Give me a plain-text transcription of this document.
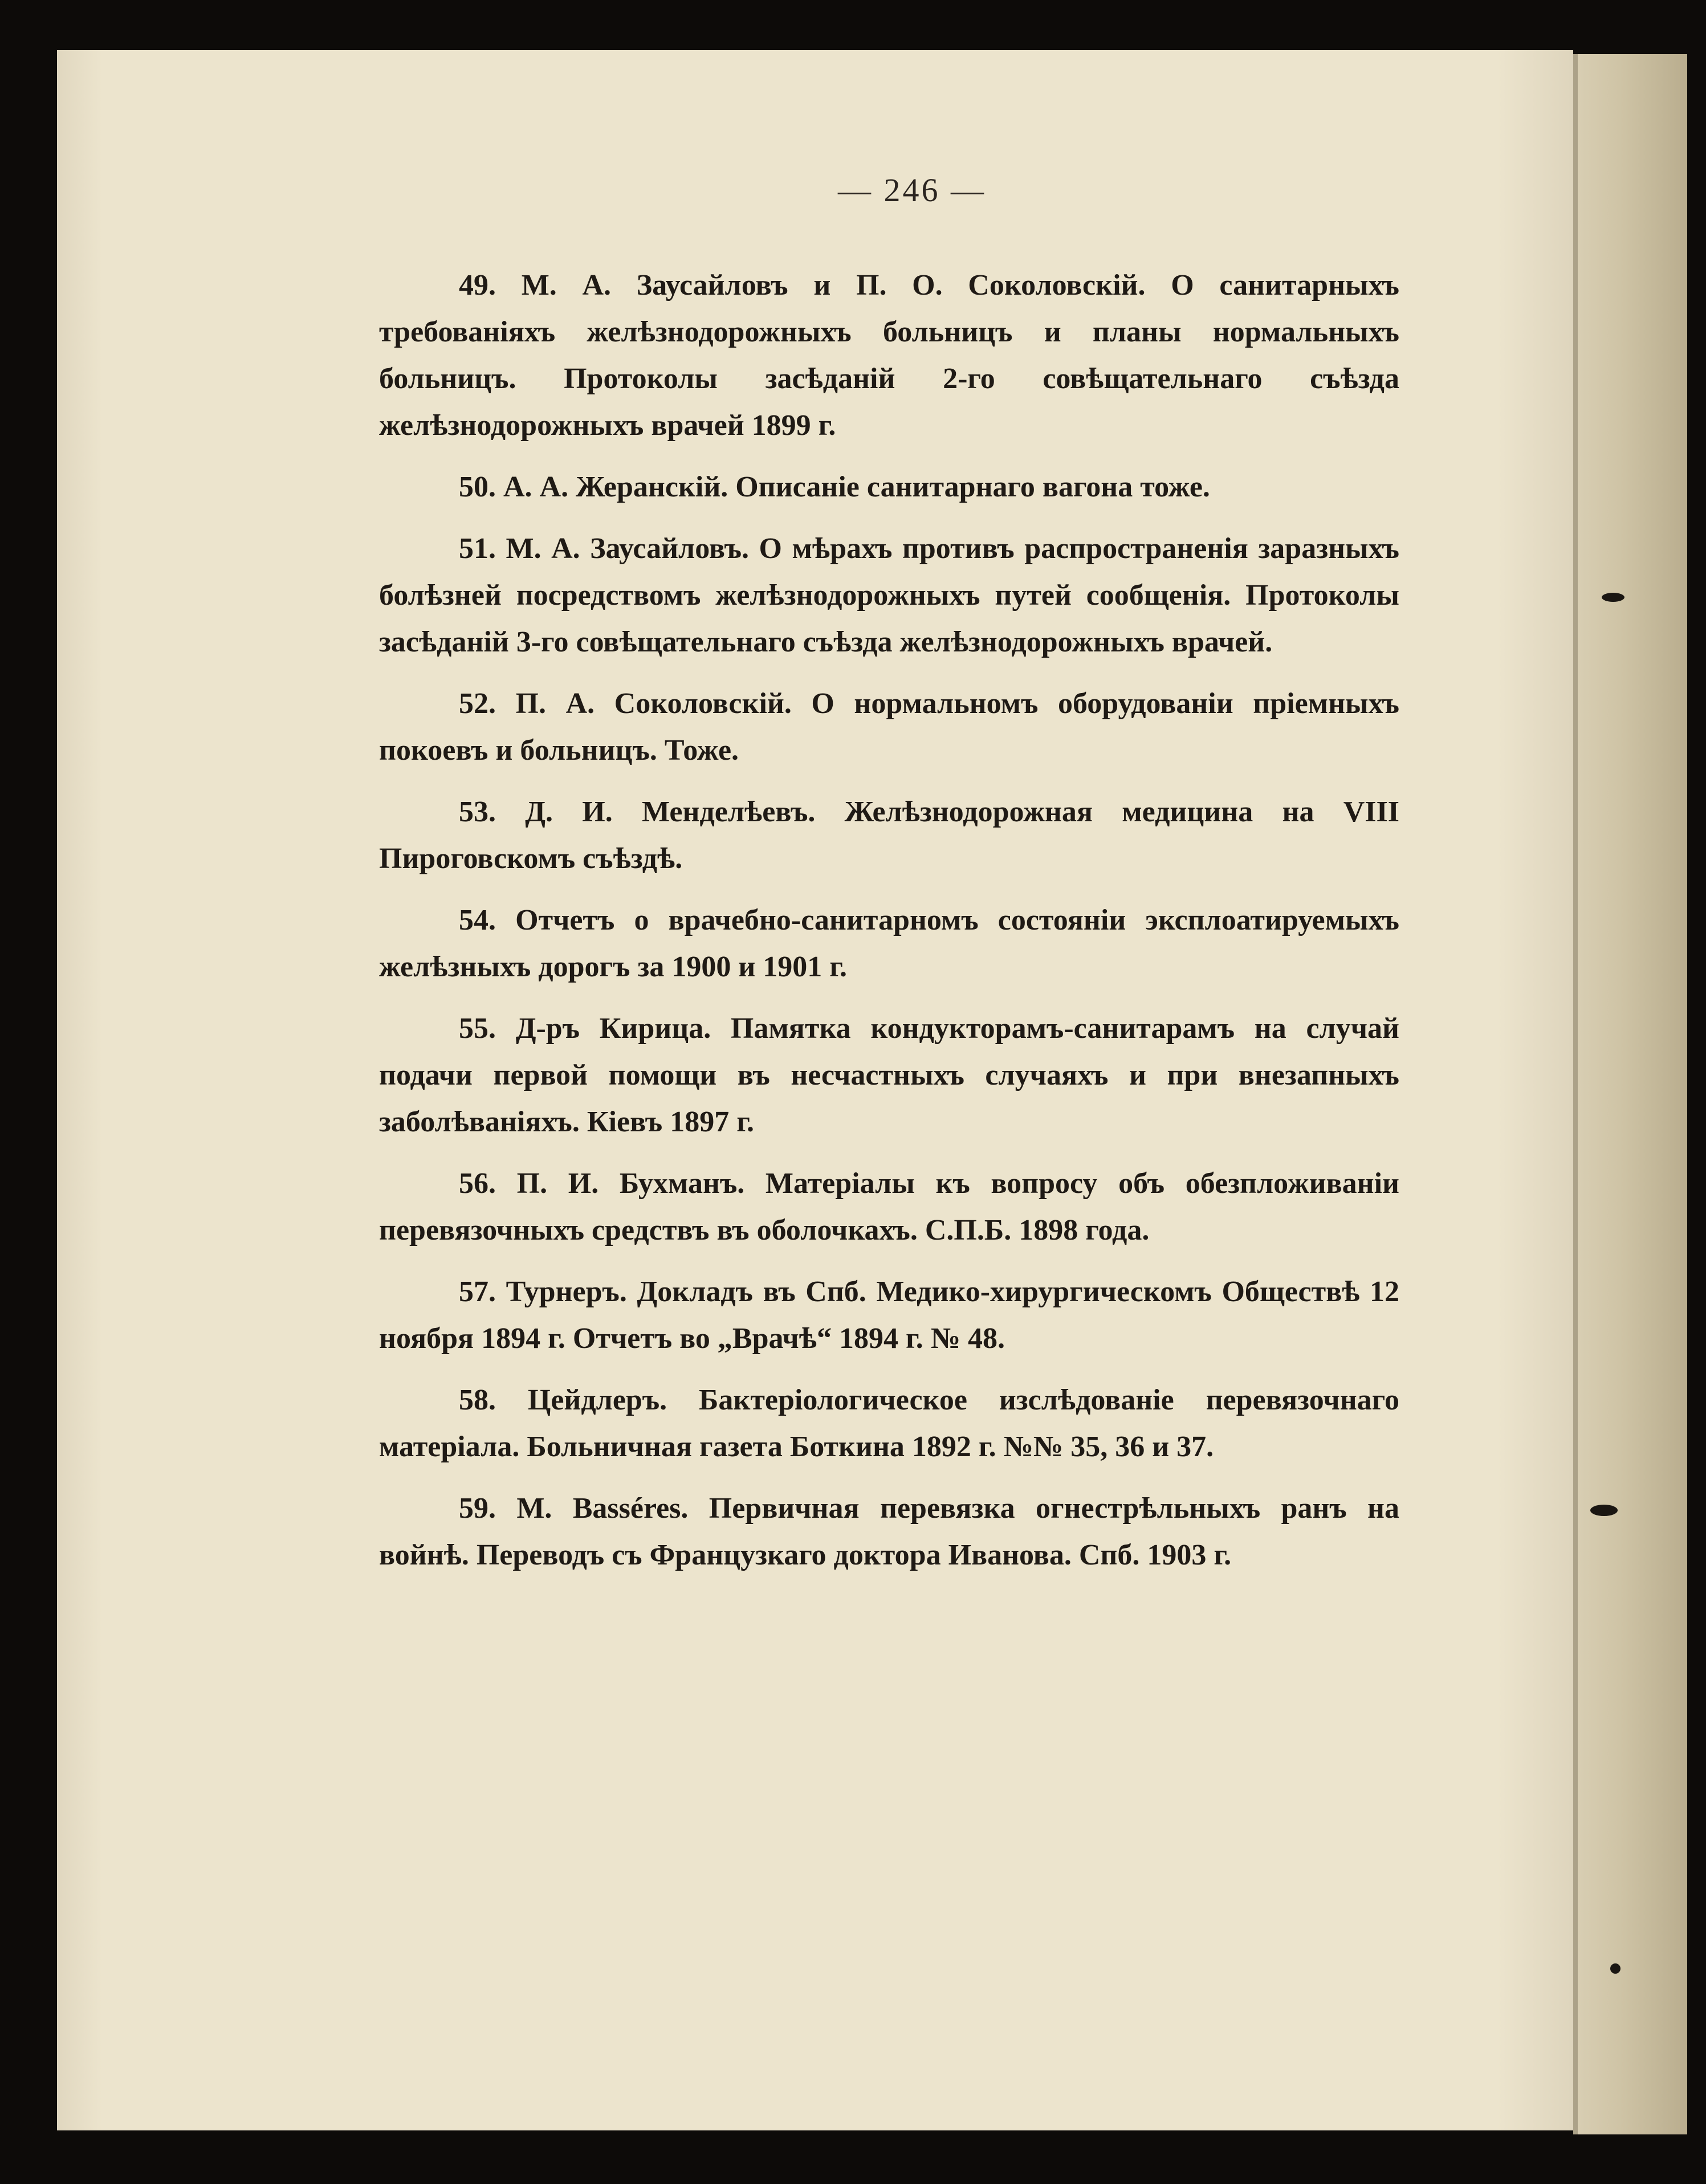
— 246 —

49. М. А. Заусайловъ и П. О. Соколовскій. О санитарныхъ требованіяхъ желѣзнодорожныхъ больницъ и планы нормальныхъ больницъ. Протоколы засѣданій 2-го совѣщательнаго съѣзда желѣзнодорожныхъ врачей 1899 г.

50. А. А. Жеранскій. Описаніе санитарнаго вагона тоже.

51. М. А. Заусайловъ. О мѣрахъ противъ распространенія заразныхъ болѣзней посредствомъ желѣзнодорожныхъ путей сообщенія. Протоколы засѣданій 3-го совѣщательнаго съѣзда желѣзнодорожныхъ врачей.

52. П. А. Соколовскій. О нормальномъ оборудованіи пріемныхъ покоевъ и больницъ. Тоже.

53. Д. И. Менделѣевъ. Желѣзнодорожная медицина на VIII Пироговскомъ съѣздѣ.

54. Отчетъ о врачебно-санитарномъ состояніи эксплоатируемыхъ желѣзныхъ дорогъ за 1900 и 1901 г.

55. Д-ръ Кирица. Памятка кондукторамъ-санитарамъ на случай подачи первой помощи въ несчастныхъ случаяхъ и при внезапныхъ заболѣваніяхъ. Кіевъ 1897 г.

56. П. И. Бухманъ. Матеріалы къ вопросу объ обезпложиваніи перевязочныхъ средствъ въ оболочкахъ. С.П.Б. 1898 года.

57. Турнеръ. Докладъ въ Спб. Медико-хирургическомъ Обществѣ 12 ноября 1894 г. Отчетъ во „Врачѣ“ 1894 г. № 48.

58. Цейдлеръ. Бактеріологическое изслѣдованіе перевязочнаго матеріала. Больничная газета Боткина 1892 г. №№ 35, 36 и 37.

59. M. Basséres. Первичная перевязка огнестрѣльныхъ ранъ на войнѣ. Переводъ съ Французкаго доктора Иванова. Спб. 1903 г.
